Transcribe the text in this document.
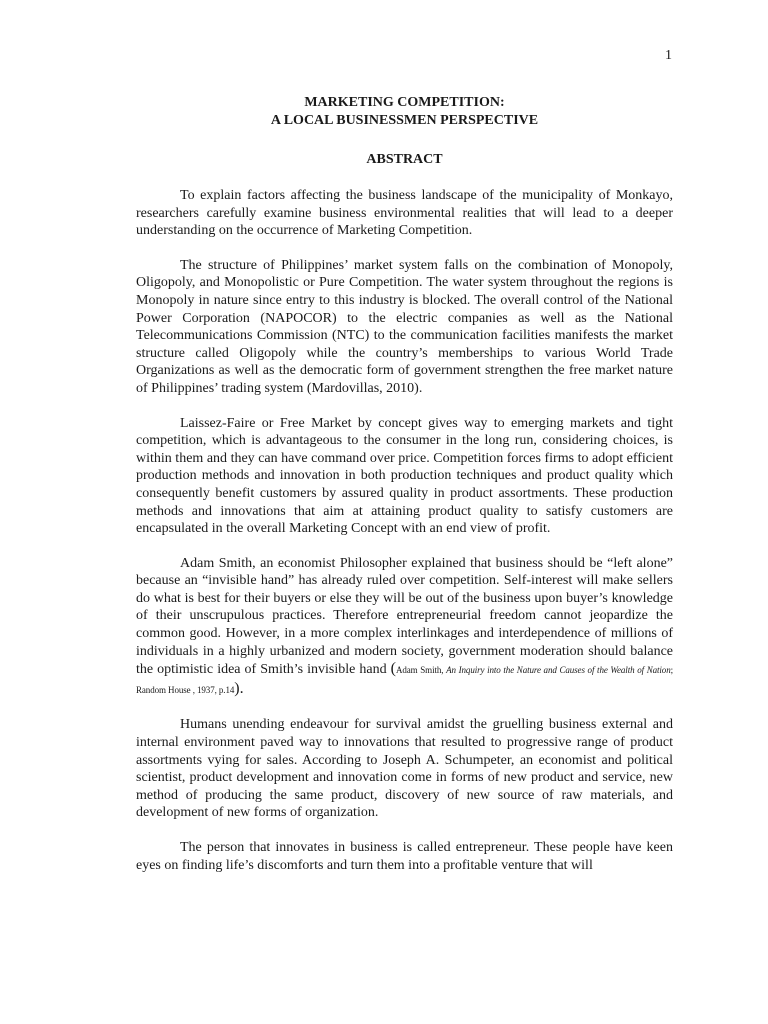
1

MARKETING COMPETITION:

A LOCAL BUSINESSMEN PERSPECTIVE

ABSTRACT

To explain factors affecting the business landscape of the municipality of Monkayo, researchers carefully examine business environmental realities that will lead to a deeper understanding on the occurrence of Marketing Competition.

The structure of Philippines’ market system falls on the combination of Monopoly, Oligopoly, and Monopolistic or Pure Competition. The water system throughout the regions is Monopoly in nature since entry to this industry is blocked. The overall control of the National Power Corporation (NAPOCOR) to the electric companies as well as the National Telecommunications Commission (NTC) to the communication facilities manifests the market structure called Oligopoly while the country’s memberships to various World Trade Organizations as well as the democratic form of government strengthen the free market nature of Philippines’ trading system (Mardovillas, 2010).

Laissez-Faire or Free Market by concept gives way to emerging markets and tight competition, which is advantageous to the consumer in the long run, considering choices, is within them and they can have command over price. Competition forces firms to adopt efficient production methods and innovation in both production techniques and product quality which consequently benefit customers by assured quality in product assortments. These production methods and innovations that aim at attaining product quality to satisfy customers are encapsulated in the overall Marketing Concept with an end view of profit.

Adam Smith, an economist Philosopher explained that business should be “left alone” because an “invisible hand” has already ruled over competition. Self-interest will make sellers do what is best for their buyers or else they will be out of the business upon buyer’s knowledge of their unscrupulous practices. Therefore entrepreneurial freedom cannot jeopardize the common good. However, in a more complex interlinkages and interdependence of millions of individuals in a highly urbanized and modern society, government moderation should balance the optimistic idea of Smith’s invisible hand (Adam Smith, An Inquiry into the Nature and Causes of the Wealth of Nation; Random House , 1937, p.14).

Humans unending endeavour for survival amidst the gruelling business external and internal environment paved way to innovations that resulted to progressive range of product assortments vying for sales. According to Joseph A. Schumpeter, an economist and political scientist, product development and innovation come in forms of new product and service, new method of producing the same product, discovery of new source of raw materials, and development of new forms of organization.

The person that innovates in business is called entrepreneur. These people have keen eyes on finding life’s discomforts and turn them into a profitable venture that will
